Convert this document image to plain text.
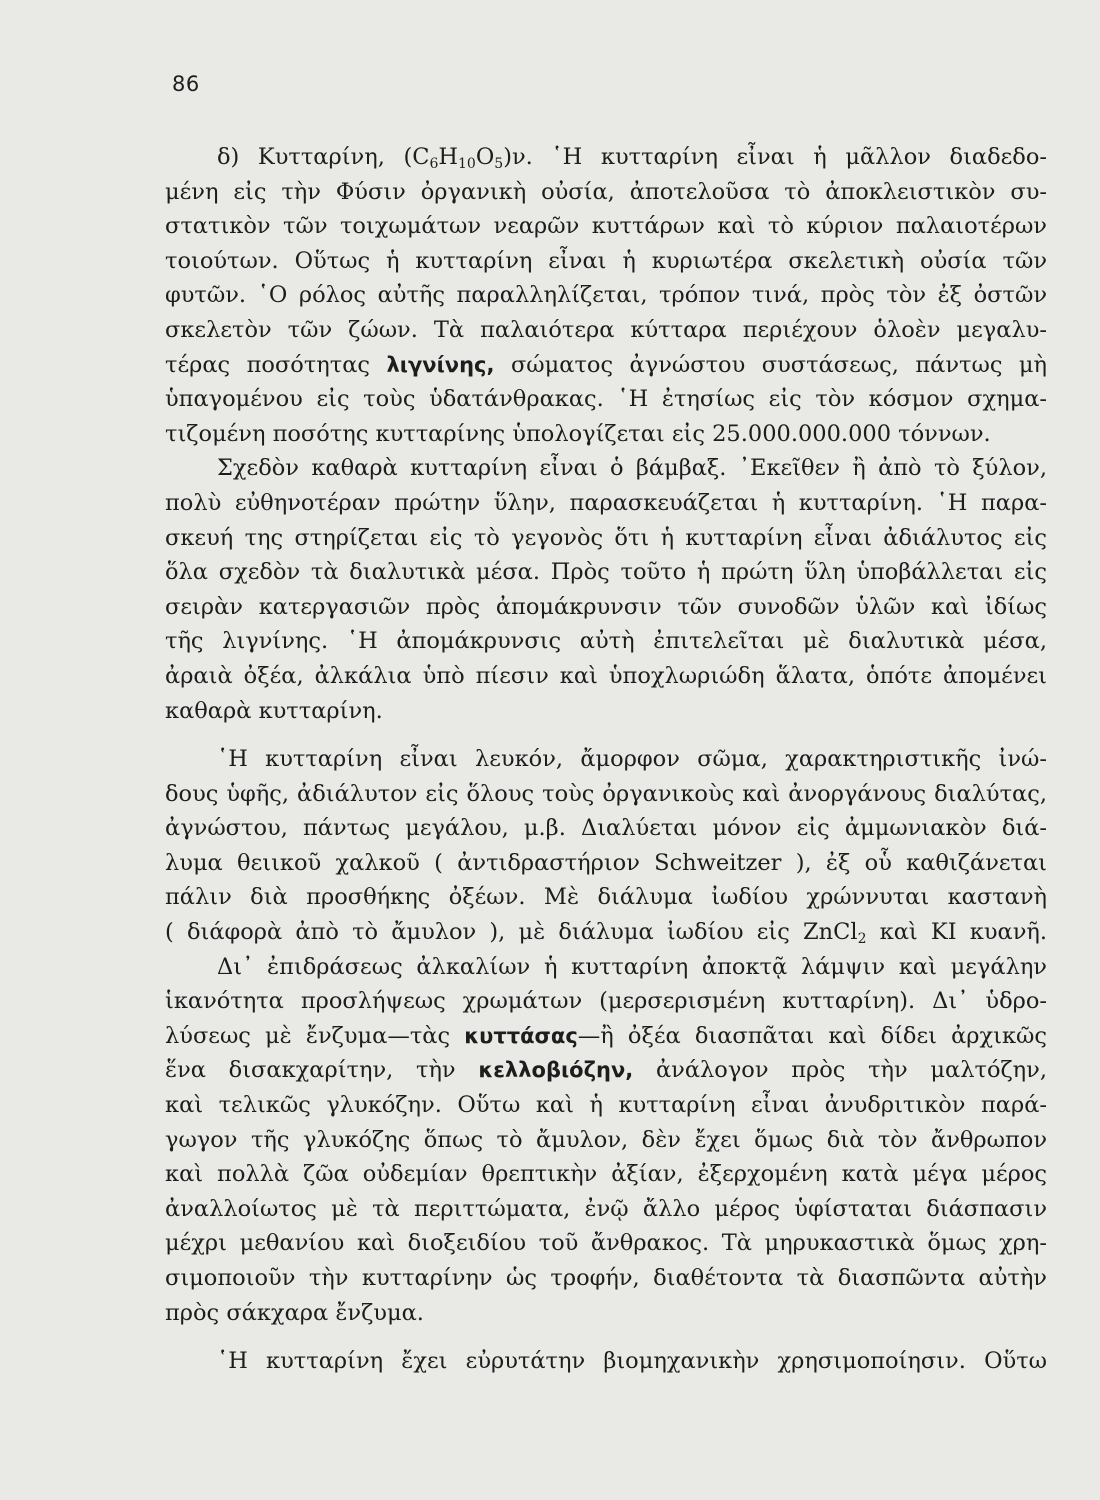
86
δ) Κυτταρίνη, $(C_6H_{10}O_5)\nu$. ῾Η κυτταρίνη εἶναι ἡ μᾶλλον διαδεδο-
μένη εἰς τὴν Φύσιν ὀργανικὴ οὐσία, ἀποτελοῦσα τὸ ἀποκλειστικὸν συ-
στατικὸν τῶν τοιχωμάτων νεαρῶν κυττάρων καὶ τὸ κύριον παλαιοτέρων
τοιούτων. Οὕτως ἡ κυτταρίνη εἶναι ἡ κυριωτέρα σκελετικὴ οὐσία τῶν
φυτῶν. ῾Ο ρόλος αὐτῆς παραλληλίζεται, τρόπον τινά, πρὸς τὸν ἐξ ὀστῶν
σκελετὸν τῶν ζώων. Τὰ παλαιότερα κύτταρα περιέχουν ὁλοὲν μεγαλυ-
τέρας ποσότητας λιγνίνης, σώματος ἀγνώστου συστάσεως, πάντως μὴ
ὑπαγομένου εἰς τοὺς ὑδατάνθρακας. ῾Η ἐτησίως εἰς τὸν κόσμον σχημα-
τιζομένη ποσότης κυτταρίνης ὑπολογίζεται εἰς 25.000.000.000 τόννων.
Σχεδὸν καθαρὰ κυτταρίνη εἶναι ὁ βάμβαξ. ᾿Εκεῖθεν ἢ ἀπὸ τὸ ξύλον,
πολὺ εὐθηνοτέραν πρώτην ὕλην, παρασκευάζεται ἡ κυτταρίνη. ῾Η παρα-
σκευή της στηρίζεται εἰς τὸ γεγονὸς ὅτι ἡ κυτταρίνη εἶναι ἀδιάλυτος εἰς
ὅλα σχεδὸν τὰ διαλυτικὰ μέσα. Πρὸς τοῦτο ἡ πρώτη ὕλη ὑποβάλλεται εἰς
σειρὰν κατεργασιῶν πρὸς ἀπομάκρυνσιν τῶν συνοδῶν ὑλῶν καὶ ἰδίως
τῆς λιγνίνης. ῾Η ἀπομάκρυνσις αὐτὴ ἐπιτελεῖται μὲ διαλυτικὰ μέσα,
ἀραιὰ ὀξέα, ἀλκάλια ὑπὸ πίεσιν καὶ ὑποχλωριώδη ἅλατα, ὁπότε ἀπομένει
καθαρὰ κυτταρίνη.
῾Η κυτταρίνη εἶναι λευκόν, ἄμορφον σῶμα, χαρακτηριστικῆς ἰνώ-
δους ὑφῆς, ἀδιάλυτον εἰς ὅλους τοὺς ὀργανικοὺς καὶ ἀνοργάνους διαλύτας,
ἀγνώστου, πάντως μεγάλου, μ.β. Διαλύεται μόνον εἰς ἀμμωνιακὸν διά-
λυμα θειικοῦ χαλκοῦ ( ἀντιδραστήριον Schweitzer ), ἐξ οὗ καθιζάνεται
πάλιν διὰ προσθήκης ὀξέων. Μὲ διάλυμα ἰωδίου χρώννυται καστανὴ
( διάφορὰ ἀπὸ τὸ ἄμυλον ), μὲ διάλυμα ἰωδίου εἰς ZnCl$_2$ καὶ KI κυανῆ.
Δι᾿ ἐπιδράσεως ἀλκαλίων ἡ κυτταρίνη ἀποκτᾷ λάμψιν καὶ μεγάλην
ἱκανότητα προσλήψεως χρωμάτων (μερσερισμένη κυτταρίνη). Δι᾿ ὑδρο-
λύσεως μὲ ἔνζυμα—τὰς κυττάσας—ἢ ὀξέα διασπᾶται καὶ δίδει ἀρχικῶς
ἕνα δισακχαρίτην, τὴν κελλοβιόζην, ἀνάλογον πρὸς τὴν μαλτόζην,
καὶ τελικῶς γλυκόζην. Οὕτω καὶ ἡ κυτταρίνη εἶναι ἀνυδριτικὸν παρά-
γωγον τῆς γλυκόζης ὅπως τὸ ἄμυλον, δὲν ἔχει ὅμως διὰ τὸν ἄνθρωπον
καὶ πολλὰ ζῶα οὐδεμίαν θρεπτικὴν ἀξίαν, ἐξερχομένη κατὰ μέγα μέρος
ἀναλλοίωτος μὲ τὰ περιττώματα, ἐνῷ ἄλλο μέρος ὑφίσταται διάσπασιν
μέχρι μεθανίου καὶ διοξειδίου τοῦ ἄνθρακος. Τὰ μηρυκαστικὰ ὅμως χρη-
σιμοποιοῦν τὴν κυτταρίνην ὡς τροφήν, διαθέτοντα τὰ διασπῶντα αὐτὴν
πρὸς σάκχαρα ἔνζυμα.
῾Η κυτταρίνη ἔχει εὐρυτάτην βιομηχανικὴν χρησιμοποίησιν. Οὕτω
